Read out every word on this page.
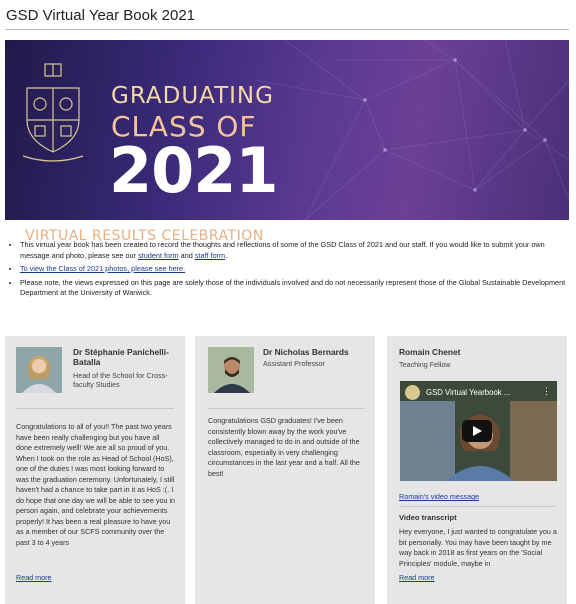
GSD Virtual Year Book 2021
GRADUATING
CLASS OF
2021
VIRTUAL RESULTS CELEBRATION
• This virtual year book has been created to record the thoughts and reflections of some of the GSD Class of 2021 and our staff. If you would like to submit your own message and photo, please see our student form and staff form.
• To view the Class of 2021 photos, please see here.
• Please note, the views expressed on this page are solely those of the individuals involved and do not necessarily represent those of the Global Sustainable Development Department at the University of Warwick.
Dr Stéphanie Panichelli-Batalla
Head of the School for Cross-faculty Studies
Congratulations to all of you!! The past two years have been really challenging but you have all done extremely well! We are all so proud of you. When I took on the role as Head of School (HoS), one of the duties I was most looking forward to was the graduation ceremony. Unfortunately, I still haven't had a chance to take part in it as HoS :(. I do hope that one day we will be able to see you in person again, and celebrate your achievements properly! It has been a real pleasure to have you as a member of our SCFS community over the past 3 to 4 years
Read more
Dr Nicholas Bernards
Assistant Professor
Congratulations GSD graduates! I've been consistently blown away by the work you've collectively managed to do in and outside of the classroom, especially in very challenging circumstances in the last year and a half. All the best!
Romain Chenet
Teaching Fellow
GSD Virtual Yearbook ...	⋮
Romain's video message
Video transcript
Hey everyone, I just wanted to congratulate you a bit personally. You may have been taught by me way back in 2018 as first years on the 'Social Principles' module, maybe in
Read more
